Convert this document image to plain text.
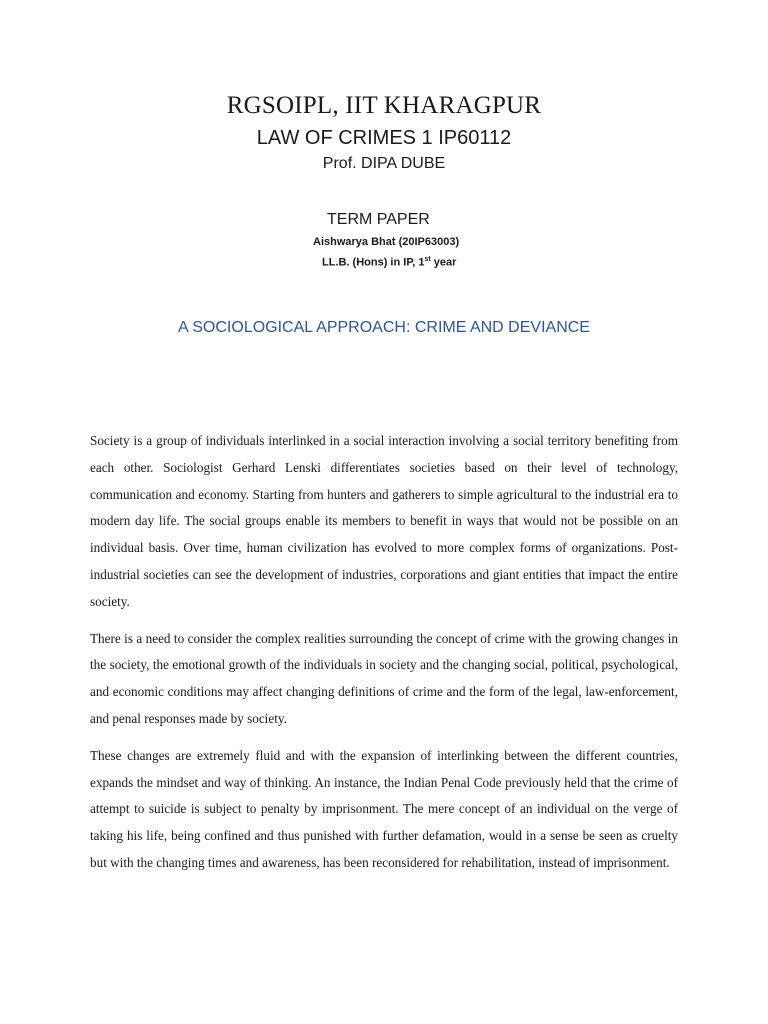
RGSOIPL, IIT KHARAGPUR
LAW OF CRIMES 1 IP60112
Prof. DIPA DUBE
TERM PAPER
Aishwarya Bhat (20IP63003)
LL.B. (Hons) in IP, 1st year
A SOCIOLOGICAL APPROACH: CRIME AND DEVIANCE

Society is a group of individuals interlinked in a social interaction involving a social territory benefiting from each other. Sociologist Gerhard Lenski differentiates societies based on their level of technology, communication and economy. Starting from hunters and gatherers to simple agricultural to the industrial era to modern day life. The social groups enable its members to benefit in ways that would not be possible on an individual basis. Over time, human civilization has evolved to more complex forms of organizations. Post-industrial societies can see the development of industries, corporations and giant entities that impact the entire society.

There is a need to consider the complex realities surrounding the concept of crime with the growing changes in the society, the emotional growth of the individuals in society and the changing social, political, psychological, and economic conditions may affect changing definitions of crime and the form of the legal, law-enforcement, and penal responses made by society.

These changes are extremely fluid and with the expansion of interlinking between the different countries, expands the mindset and way of thinking. An instance, the Indian Penal Code previously held that the crime of attempt to suicide is subject to penalty by imprisonment. The mere concept of an individual on the verge of taking his life, being confined and thus punished with further defamation, would in a sense be seen as cruelty but with the changing times and awareness, has been reconsidered for rehabilitation, instead of imprisonment.
